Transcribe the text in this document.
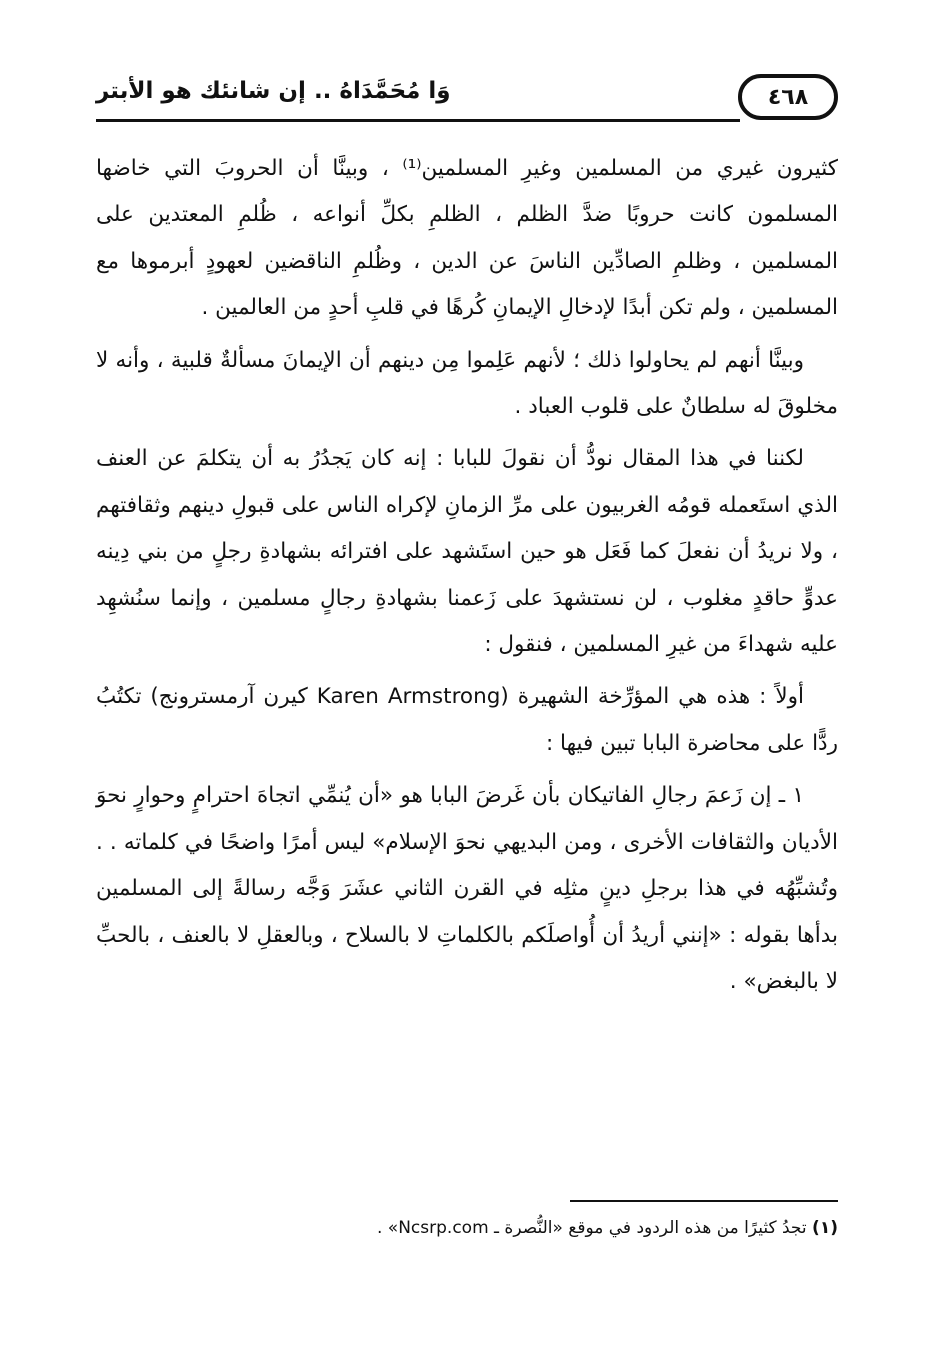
٤٦٨
وَا مُحَمَّدَاهُ .. إن شانئك هو الأبتر

كثيرون غيري من المسلمين وغيرِ المسلمين⁽¹⁾ ، وبينَّا أن الحروبَ التي خاضها المسلمون كانت حروبًا ضدَّ الظلم ، الظلمِ بكلِّ أنواعه ، ظُلمِ المعتدين على المسلمين ، وظلمِ الصادِّين الناسَ عن الدين ، وظُلمِ الناقضين لعهودٍ أبرموها مع المسلمين ، ولم تكن أبدًا لإدخالِ الإيمانِ كُرهًا في قلبِ أحدٍ من العالمين .

وبينَّا أنهم لم يحاولوا ذلك ؛ لأنهم عَلِموا مِن دينهم أن الإيمانَ مسألةٌ قلبية ، وأنه لا مخلوقَ له سلطانٌ على قلوب العباد .

لكننا في هذا المقال نودُّ أن نقولَ للبابا : إنه كان يَجدُرُ به أن يتكلمَ عن العنف الذي استَعمله قومُه الغربيون على مرِّ الزمانِ لإكراه الناس على قبولِ دينهم وثقافتهم ، ولا نريدُ أن نفعلَ كما فَعَل هو حين استَشهد على افترائه بشهادةِ رجلٍ من بني دِينه عدوٍّ حاقدٍ مغلوب ، لن نستشهدَ على زَعمنا بشهادةِ رجالٍ مسلمين ، وإنما سنُشهِد عليه شهداءَ من غيرِ المسلمين ، فنقول :

أولاً : هذه هي المؤرِّخة الشهيرة (Karen Armstrong كيرن آرمسترونج) تكتُبُ ردًّا على محاضرة البابا تبين فيها :

١ ـ إن زَعمَ رجالِ الفاتيكان بأن غَرضَ البابا هو «أن يُنمِّي اتجاهَ احترامٍ وحوارٍ نحوَ الأديان والثقافات الأخرى ، ومن البديهي نحوَ الإسلام» ليس أمرًا واضحًا في كلماته . . وتُشبِّهُه في هذا برجلِ دينٍ مثلِه في القرن الثاني عشَرَ وَجَّه رسالةً إلى المسلمين بدأها بقوله : «إنني أريدُ أن أُواصلَكم بالكلماتِ لا بالسلاح ، وبالعقلِ لا بالعنف ، بالحبِّ لا بالبغض» .

(١) تجدُ كثيرًا من هذه الردود في موقع «النُّصرة ـ Ncsrp.com» .
